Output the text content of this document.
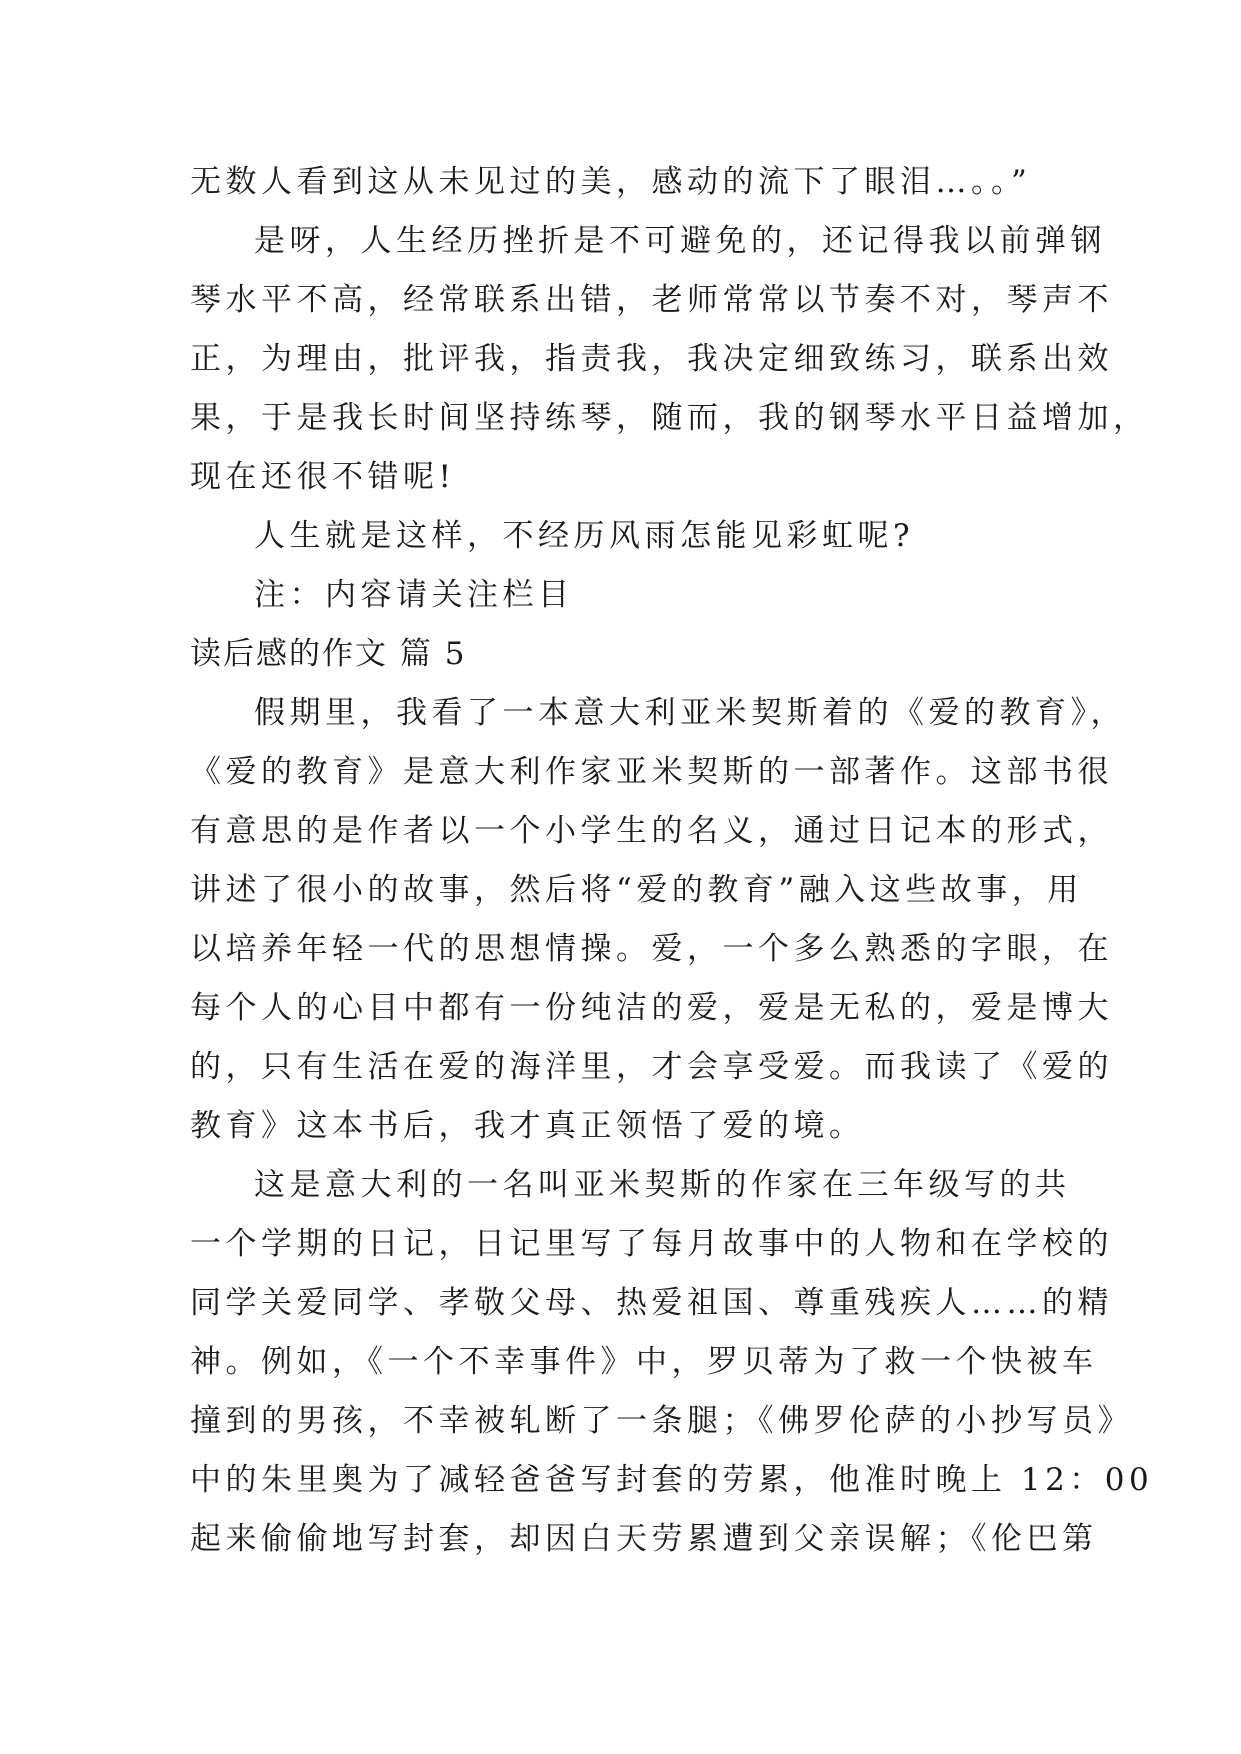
无数人看到这从未见过的美，感动的流下了眼泪…。。”
是呀，人生经历挫折是不可避免的，还记得我以前弹钢
琴水平不高，经常联系出错，老师常常以节奏不对，琴声不
正，为理由，批评我，指责我，我决定细致练习，联系出效
果，于是我长时间坚持练琴，随而，我的钢琴水平日益增加，
现在还很不错呢!
人生就是这样，不经历风雨怎能见彩虹呢?
注：内容请关注栏目
读后感的作文 篇 5
假期里，我看了一本意大利亚米契斯着的《爱的教育》，
《爱的教育》是意大利作家亚米契斯的一部著作。这部书很
有意思的是作者以一个小学生的名义，通过日记本的形式，
讲述了很小的故事，然后将“爱的教育”融入这些故事，用
以培养年轻一代的思想情操。爱，一个多么熟悉的字眼，在
每个人的心目中都有一份纯洁的爱，爱是无私的，爱是博大
的，只有生活在爱的海洋里，才会享受爱。而我读了《爱的
教育》这本书后，我才真正领悟了爱的境。
这是意大利的一名叫亚米契斯的作家在三年级写的共
一个学期的日记，日记里写了每月故事中的人物和在学校的
同学关爱同学、孝敬父母、热爱祖国、尊重残疾人……的精
神。例如，《一个不幸事件》中，罗贝蒂为了救一个快被车
撞到的男孩，不幸被轧断了一条腿；《佛罗伦萨的小抄写员》
中的朱里奥为了减轻爸爸写封套的劳累，他准时晚上 12：00
起来偷偷地写封套，却因白天劳累遭到父亲误解；《伦巴第
